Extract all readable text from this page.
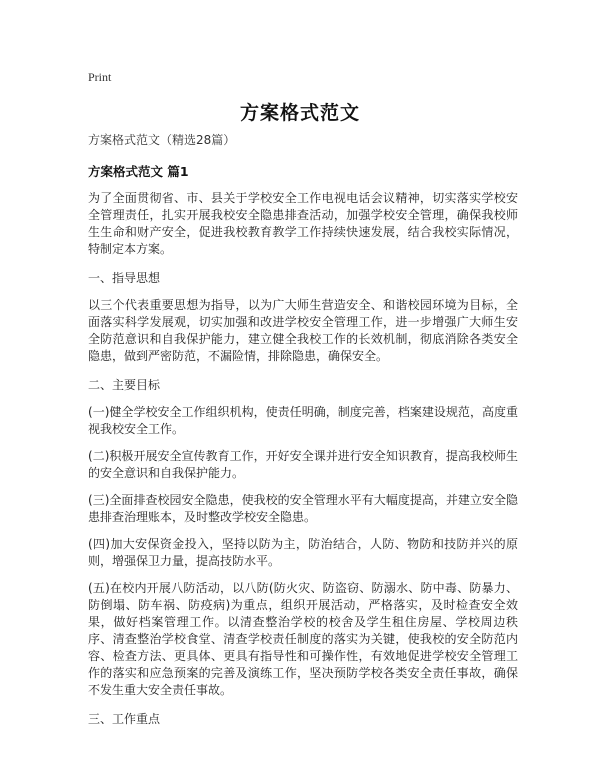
Print
方案格式范文

方案格式范文（精选28篇）

方案格式范文 篇1

为了全面贯彻省、市、县关于学校安全工作电视电话会议精神，切实落实学校安全管理责任，扎实开展我校安全隐患排查活动，加强学校安全管理，确保我校师生生命和财产安全，促进我校教育教学工作持续快速发展，结合我校实际情况，特制定本方案。

一、指导思想

以三个代表重要思想为指导，以为广大师生营造安全、和谐校园环境为目标，全面落实科学发展观，切实加强和改进学校安全管理工作，进一步增强广大师生安全防范意识和自我保护能力，建立健全我校工作的长效机制，彻底消除各类安全隐患，做到严密防范，不漏险情，排除隐患，确保安全。

二、主要目标

(一)健全学校安全工作组织机构，使责任明确，制度完善，档案建设规范，高度重视我校安全工作。

(二)积极开展安全宣传教育工作，开好安全课并进行安全知识教育，提高我校师生的安全意识和自我保护能力。

(三)全面排查校园安全隐患，使我校的安全管理水平有大幅度提高，并建立安全隐患排查治理账本，及时整改学校安全隐患。

(四)加大安保资金投入，坚持以防为主，防治结合，人防、物防和技防并兴的原则，增强保卫力量，提高技防水平。

(五)在校内开展八防活动，以八防(防火灾、防盗窃、防溺水、防中毒、防暴力、防倒塌、防车祸、防疫病)为重点，组织开展活动，严格落实，及时检查安全效果，做好档案管理工作。以清查整治学校的校舍及学生租住房屋、学校周边秩序、清查整治学校食堂、清查学校责任制度的落实为关键，使我校的安全防范内容、检查方法、更具体、更具有指导性和可操作性，有效地促进学校安全管理工作的落实和应急预案的完善及演练工作，坚决预防学校各类安全责任事故，确保不发生重大安全责任事故。

三、工作重点
